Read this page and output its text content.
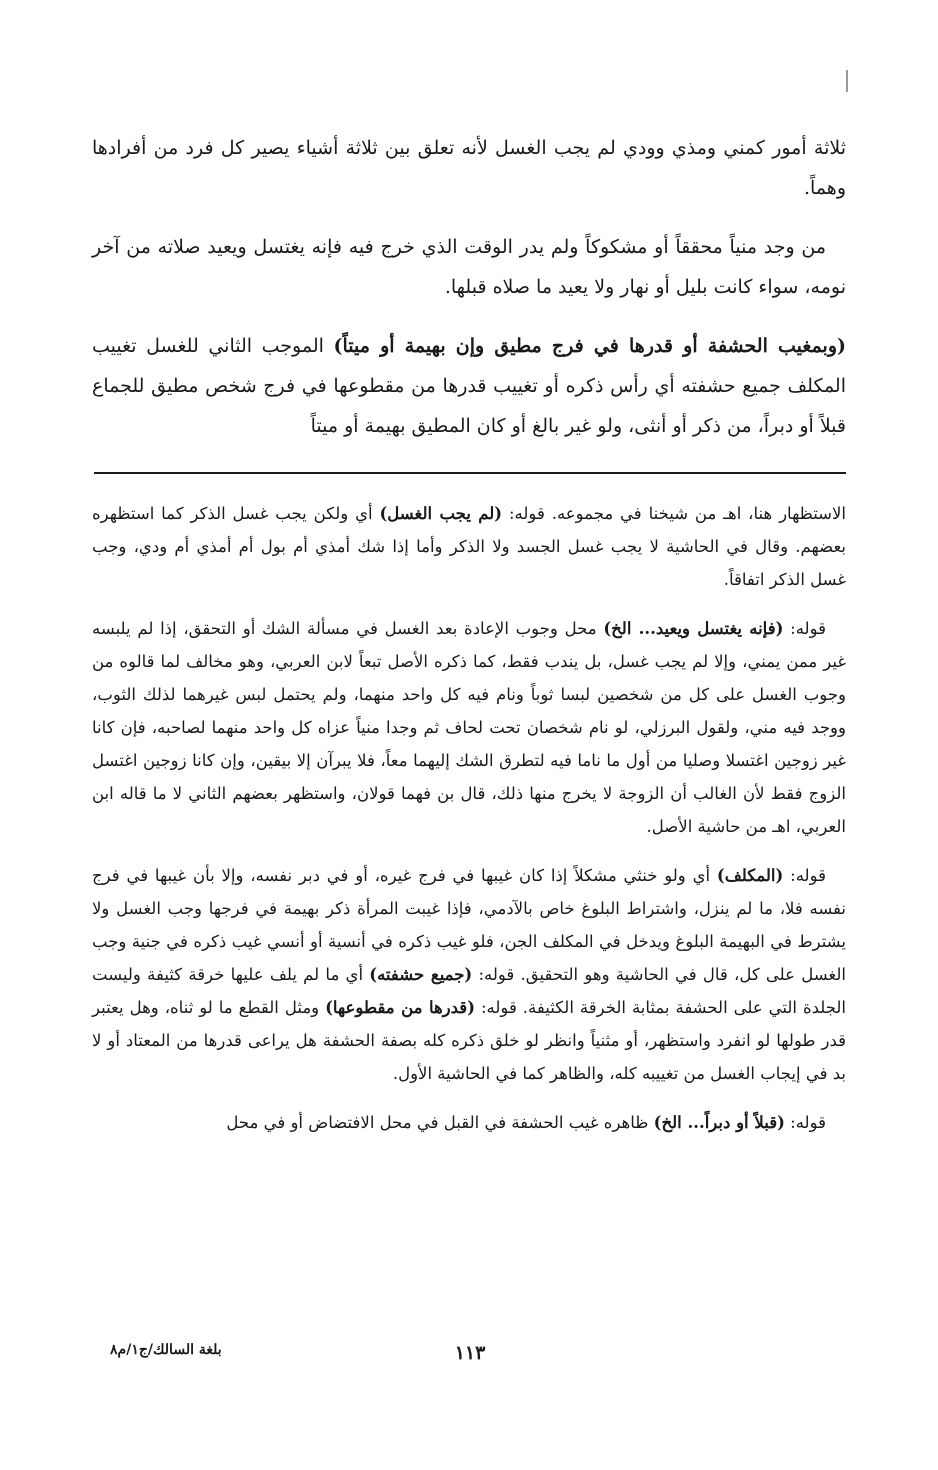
ثلاثة أمور كمني ومذي وودي لم يجب الغسل لأنه تعلق بين ثلاثة أشياء يصير كل فرد من أفرادها وهماً.

من وجد منياً محققاً أو مشكوكاً ولم يدر الوقت الذي خرج فيه فإنه يغتسل ويعيد صلاته من آخر نومه، سواء كانت بليل أو نهار ولا يعيد ما صلاه قبلها.

(وبمغيب الحشفة أو قدرها في فرج مطيق وإن بهيمة أو ميتاً) الموجب الثاني للغسل تغييب المكلف جميع حشفته أي رأس ذكره أو تغييب قدرها من مقطوعها في فرج شخص مطيق للجماع قبلاً أو دبراً، من ذكر أو أنثى، ولو غير بالغ أو كان المطيق بهيمة أو ميتاً

الاستظهار هنا، اهـ من شيخنا في مجموعه. قوله: (لم يجب الغسل) أي ولكن يجب غسل الذكر كما استظهره بعضهم. وقال في الحاشية لا يجب غسل الجسد ولا الذكر وأما إذا شك أمذي أم بول أم أمذي أم ودي، وجب غسل الذكر اتفاقاً.

قوله: (فإنه يغتسل ويعيد... الخ) محل وجوب الإعادة بعد الغسل في مسألة الشك أو التحقق، إذا لم يلبسه غير ممن يمني، وإلا لم يجب غسل، بل يندب فقط، كما ذكره الأصل تبعاً لابن العربي، وهو مخالف لما قالوه من وجوب الغسل على كل من شخصين لبسا ثوباً ونام فيه كل واحد منهما، ولم يحتمل لبس غيرهما لذلك الثوب، ووجد فيه مني، ولقول البرزلي، لو نام شخصان تحت لحاف ثم وجدا منياً عزاه كل واحد منهما لصاحبه، فإن كانا غير زوجين اغتسلا وصليا من أول ما ناما فيه لتطرق الشك إليهما معاً، فلا يبرآن إلا بيقين، وإن كانا زوجين اغتسل الزوج فقط لأن الغالب أن الزوجة لا يخرج منها ذلك، قال بن فهما قولان، واستظهر بعضهم الثاني لا ما قاله ابن العربي، اهـ من حاشية الأصل.

قوله: (المكلف) أي ولو خنثي مشكلاً إذا كان غيبها في فرج غيره، أو في دبر نفسه، وإلا بأن غيبها في فرج نفسه فلا، ما لم ينزل، واشتراط البلوغ خاص بالآدمي، فإذا غيبت المرأة ذكر بهيمة في فرجها وجب الغسل ولا يشترط في البهيمة البلوغ ويدخل في المكلف الجن، فلو غيب ذكره في أنسية أو أنسي غيب ذكره في جنية وجب الغسل على كل، قال في الحاشية وهو التحقيق. قوله: (جميع حشفته) أي ما لم يلف عليها خرقة كثيفة وليست الجلدة التي على الحشفة بمثابة الخرقة الكثيفة. قوله: (قدرها من مقطوعها) ومثل القطع ما لو ثناه، وهل يعتبر قدر طولها لو انفرد واستظهر، أو مثنياً وانظر لو خلق ذكره كله بصفة الحشفة هل يراعى قدرها من المعتاد أو لا بد في إيجاب الغسل من تغييبه كله، والظاهر كما في الحاشية الأول.

قوله: (قبلاً أو دبراً... الخ) ظاهره غيب الحشفة في القبل في محل الافتضاض أو في محل

١١٣
بلغة السالك/ج١/م٨
